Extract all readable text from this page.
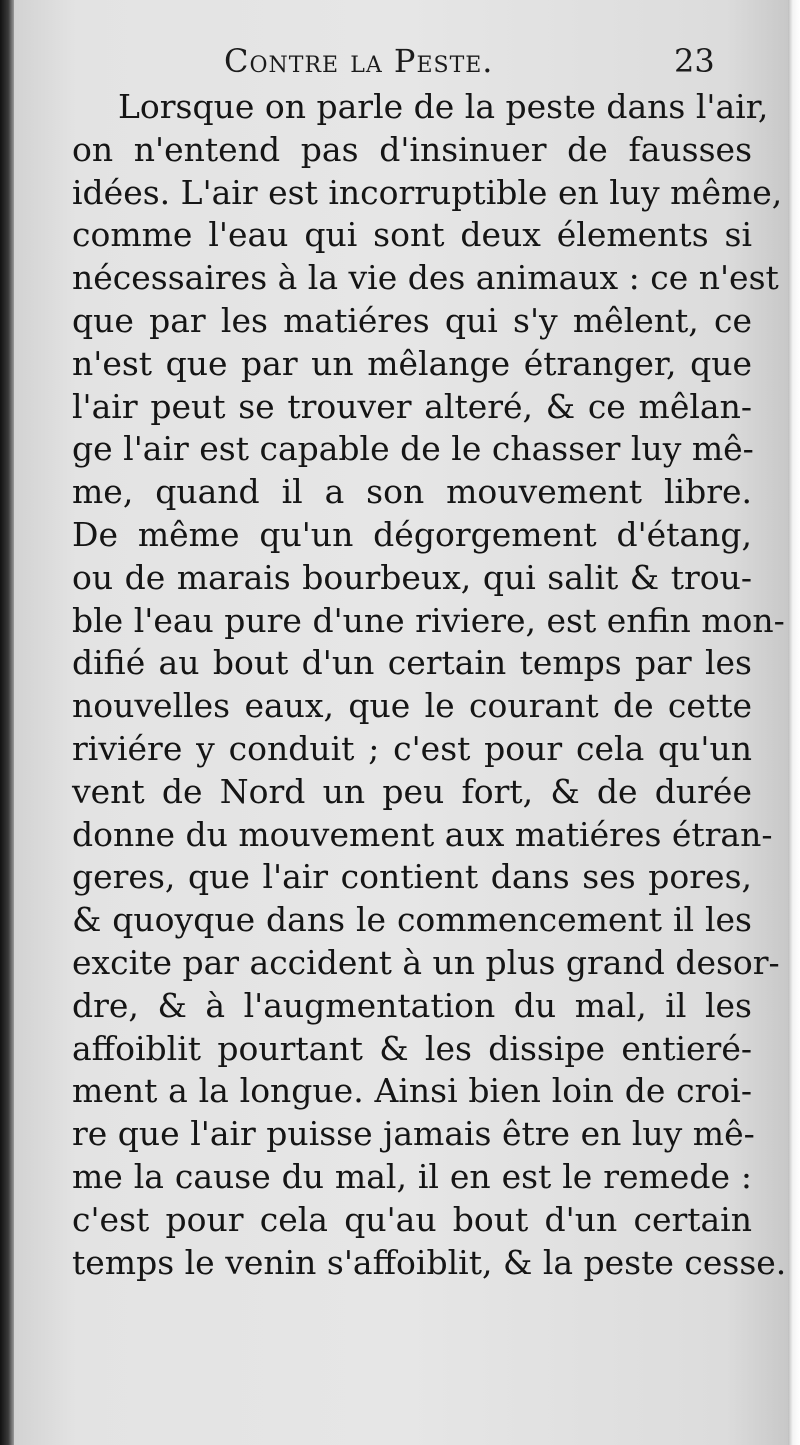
Contre la Peste.	23
Lorsque on parle de la peste dans l'air,
on n'entend pas d'insinuer de fausses
idées. L'air est incorruptible en luy même,
comme l'eau qui sont deux élements si
nécessaires à la vie des animaux : ce n'est
que par les matiéres qui s'y mêlent, ce
n'est que par un mêlange étranger, que
l'air peut se trouver alteré, & ce mêlan-
ge l'air est capable de le chasser luy mê-
me, quand il a son mouvement libre.
De même qu'un dégorgement d'étang,
ou de marais bourbeux, qui salit & trou-
ble l'eau pure d'une riviere, est enfin mon-
difié au bout d'un certain temps par les
nouvelles eaux, que le courant de cette
riviére y conduit ; c'est pour cela qu'un
vent de Nord un peu fort, & de durée
donne du mouvement aux matiéres étran-
geres, que l'air contient dans ses pores,
& quoyque dans le commencement il les
excite par accident à un plus grand desor-
dre, & à l'augmentation du mal, il les
affoiblit pourtant & les dissipe entieré-
ment a la longue. Ainsi bien loin de croi-
re que l'air puisse jamais être en luy mê-
me la cause du mal, il en est le remede :
c'est pour cela qu'au bout d'un certain
temps le venin s'affoiblit, & la peste cesse.
